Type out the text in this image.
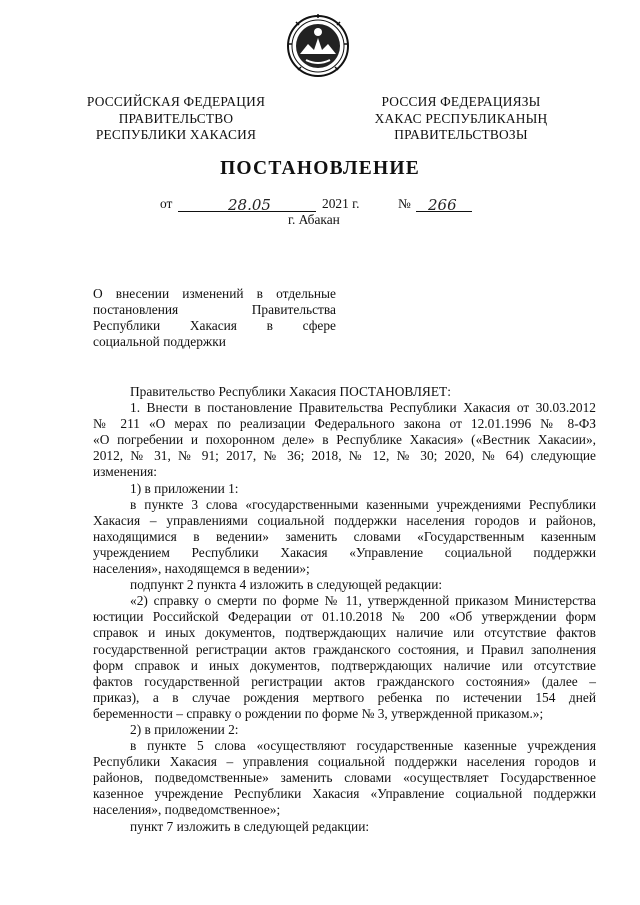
РОССИЙСКАЯ ФЕДЕРАЦИЯ
ПРАВИТЕЛЬСТВО
РЕСПУБЛИКИ ХАКАСИЯ
РОССИЯ ФЕДЕРАЦИЯЗЫ
ХАКАС РЕСПУБЛИКАНЫҢ
ПРАВИТЕЛЬСТВОЗЫ
ПОСТАНОВЛЕНИЕ
от	28.05	2021 г.	№ 266
г. Абакан
О внесении изменений в отдельные
постановления Правительства
Республики Хакасия в сфере
социальной поддержки
Правительство Республики Хакасия ПОСТАНОВЛЯЕТ:
1. Внести в постановление Правительства Республики Хакасия от 30.03.2012
№ 211 «О мерах по реализации Федерального закона от 12.01.1996 № 8-ФЗ
«О погребении и похоронном деле» в Республике Хакасия» («Вестник Хакасии»,
2012, № 31, № 91; 2017, № 36; 2018, № 12, № 30; 2020, № 64) следующие
изменения:
1) в приложении 1:
в пункте 3 слова «государственными казенными учреждениями Республики
Хакасия – управлениями социальной поддержки населения городов и районов,
находящимися в ведении» заменить словами «Государственным казенным
учреждением Республики Хакасия «Управление социальной поддержки
населения», находящемся в ведении»;
подпункт 2 пункта 4 изложить в следующей редакции:
«2) справку о смерти по форме № 11, утвержденной приказом Министерства
юстиции Российской Федерации от 01.10.2018 № 200 «Об утверждении форм
справок и иных документов, подтверждающих наличие или отсутствие фактов
государственной регистрации актов гражданского состояния, и Правил заполнения
форм справок и иных документов, подтверждающих наличие или отсутствие
фактов государственной регистрации актов гражданского состояния» (далее –
приказ), а в случае рождения мертвого ребенка по истечении 154 дней
беременности – справку о рождении по форме № 3, утвержденной приказом.»;
2) в приложении 2:
в пункте 5 слова «осуществляют государственные казенные учреждения
Республики Хакасия – управления социальной поддержки населения городов и
районов, подведомственные» заменить словами «осуществляет Государственное
казенное учреждение Республики Хакасия «Управление социальной поддержки
населения», подведомственное»;
пункт 7 изложить в следующей редакции:
